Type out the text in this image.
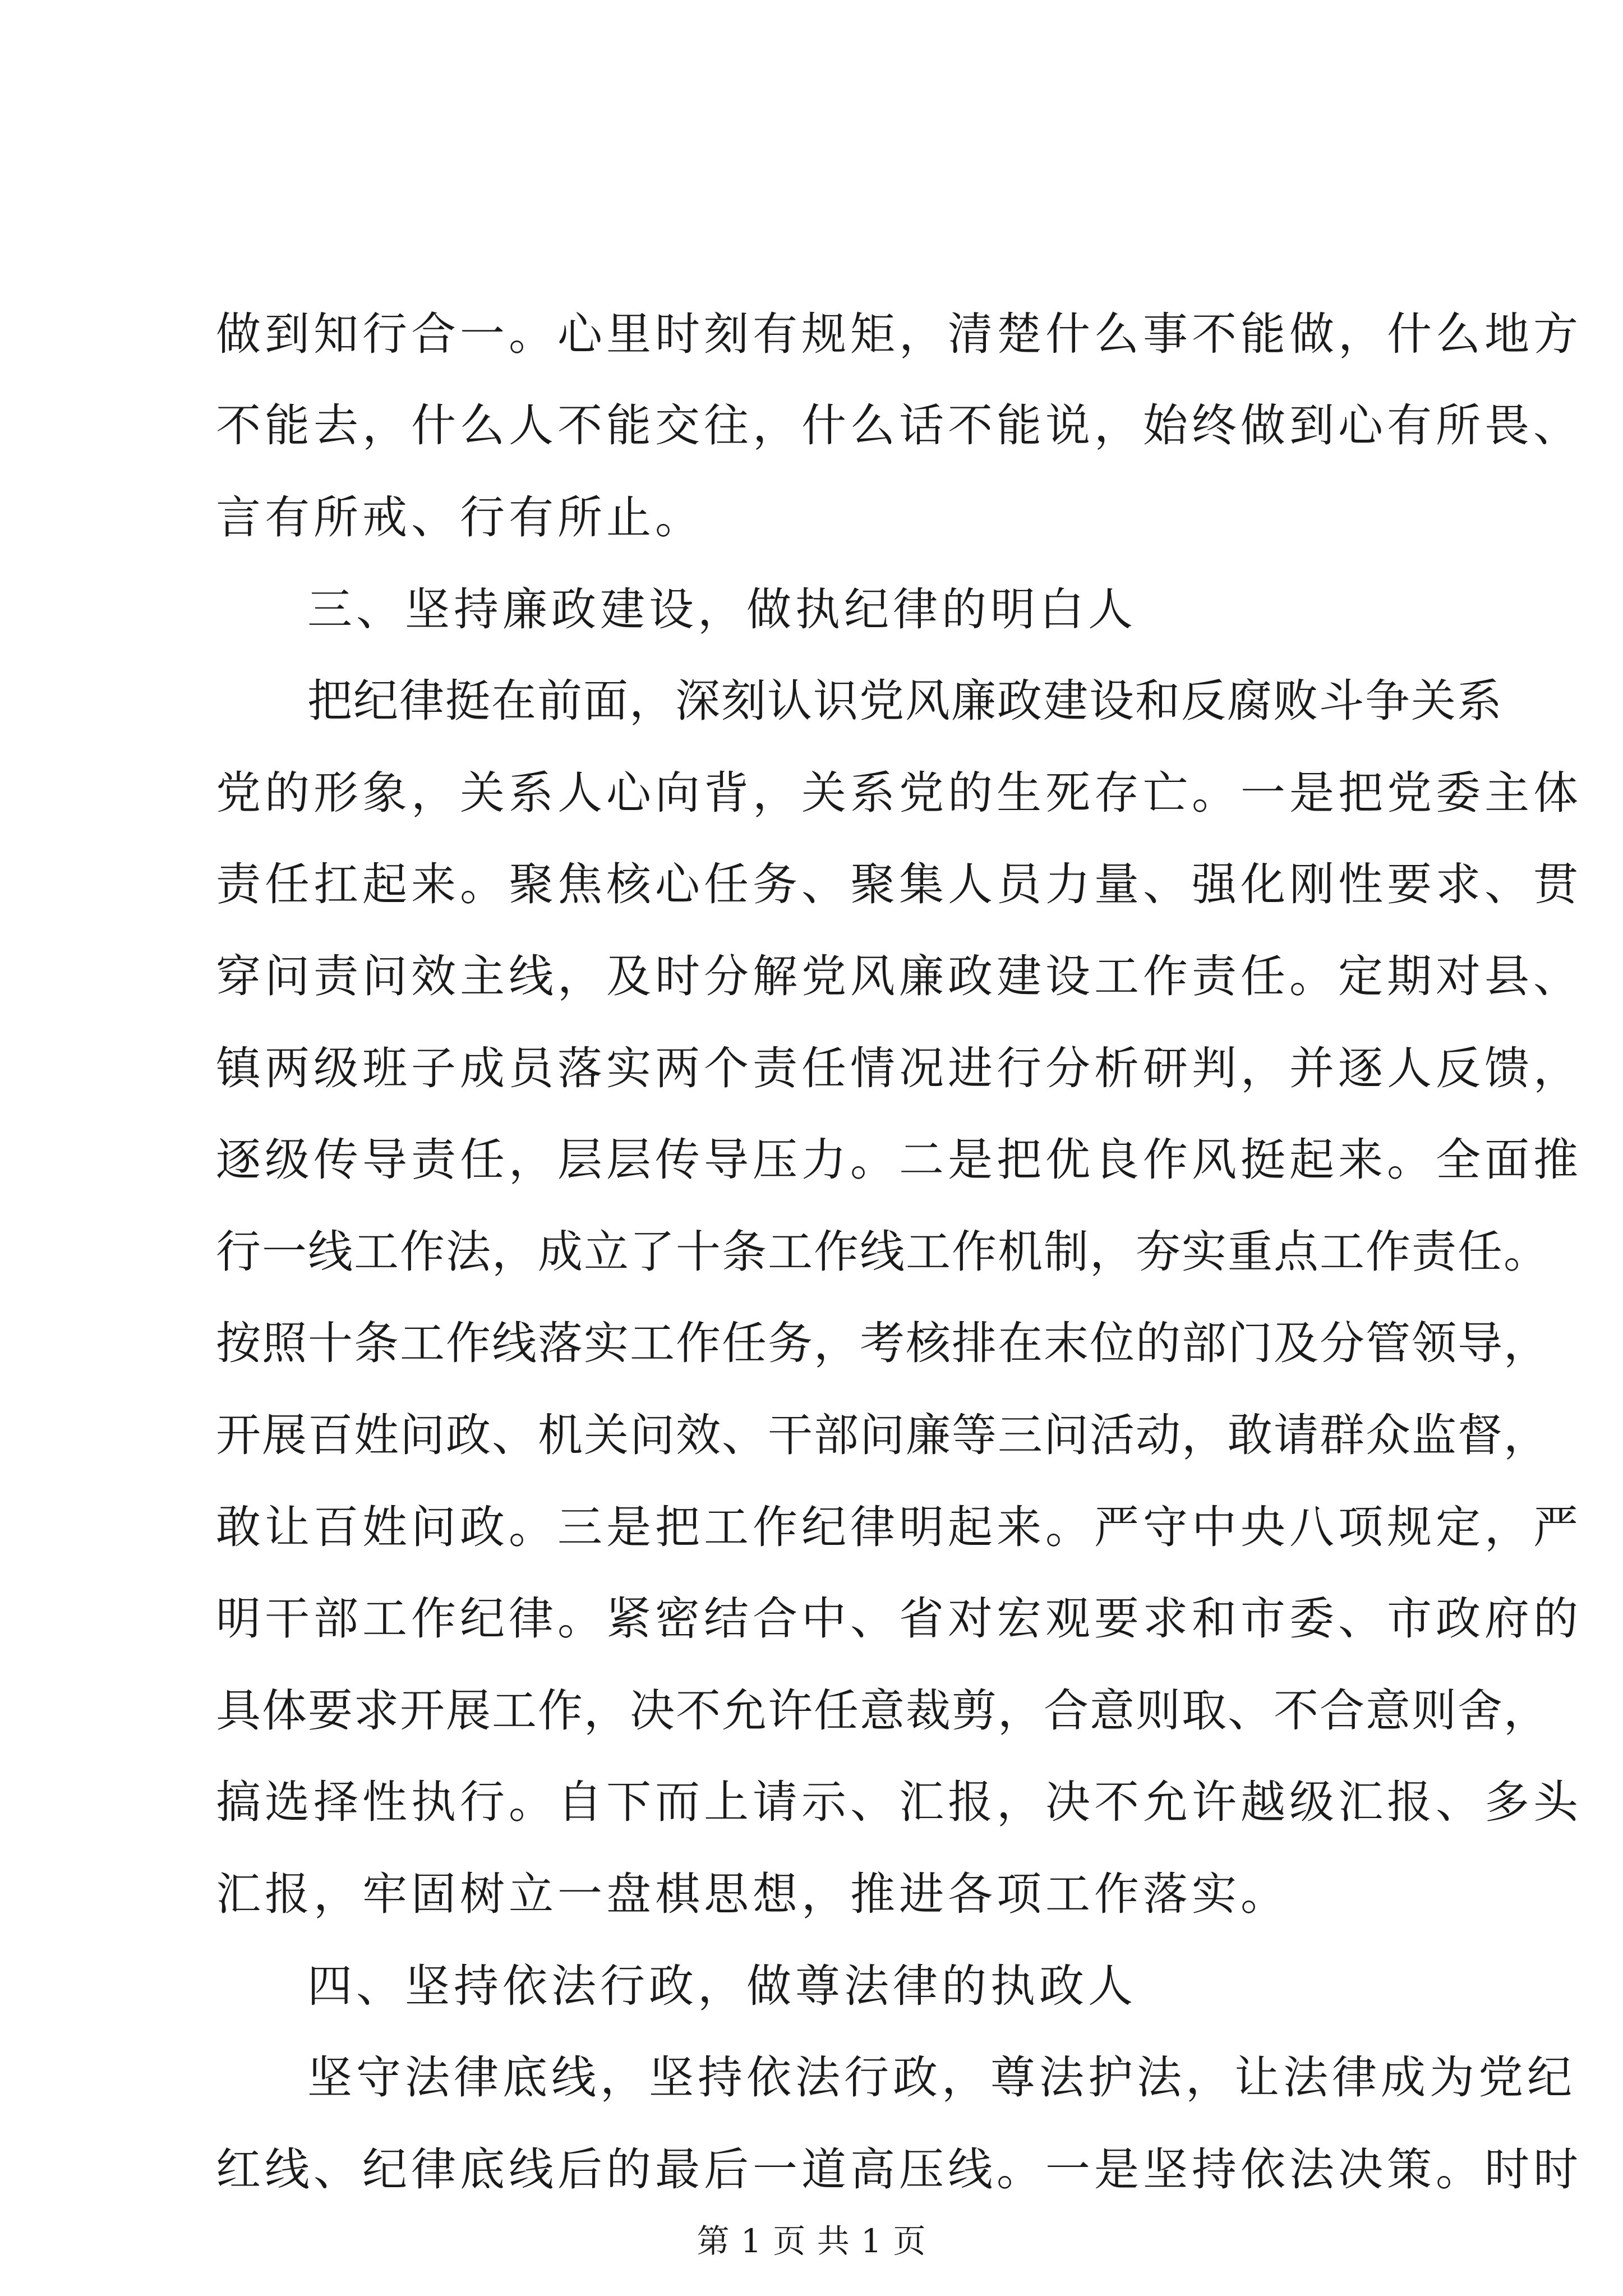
做到知行合一。心里时刻有规矩，清楚什么事不能做，什么地方
不能去，什么人不能交往，什么话不能说，始终做到心有所畏、
言有所戒、行有所止。
三、坚持廉政建设，做执纪律的明白人
把纪律挺在前面，深刻认识党风廉政建设和反腐败斗争关系
党的形象，关系人心向背，关系党的生死存亡。一是把党委主体
责任扛起来。聚焦核心任务、聚集人员力量、强化刚性要求、贯
穿问责问效主线，及时分解党风廉政建设工作责任。定期对县、
镇两级班子成员落实两个责任情况进行分析研判，并逐人反馈，
逐级传导责任，层层传导压力。二是把优良作风挺起来。全面推
行一线工作法，成立了十条工作线工作机制，夯实重点工作责任。
按照十条工作线落实工作任务，考核排在末位的部门及分管领导，
开展百姓问政、机关问效、干部问廉等三问活动，敢请群众监督，
敢让百姓问政。三是把工作纪律明起来。严守中央八项规定，严
明干部工作纪律。紧密结合中、省对宏观要求和市委、市政府的
具体要求开展工作，决不允许任意裁剪，合意则取、不合意则舍，
搞选择性执行。自下而上请示、汇报，决不允许越级汇报、多头
汇报，牢固树立一盘棋思想，推进各项工作落实。
四、坚持依法行政，做尊法律的执政人
坚守法律底线，坚持依法行政，尊法护法，让法律成为党纪
红线、纪律底线后的最后一道高压线。一是坚持依法决策。时时
第 1 页 共 1 页
